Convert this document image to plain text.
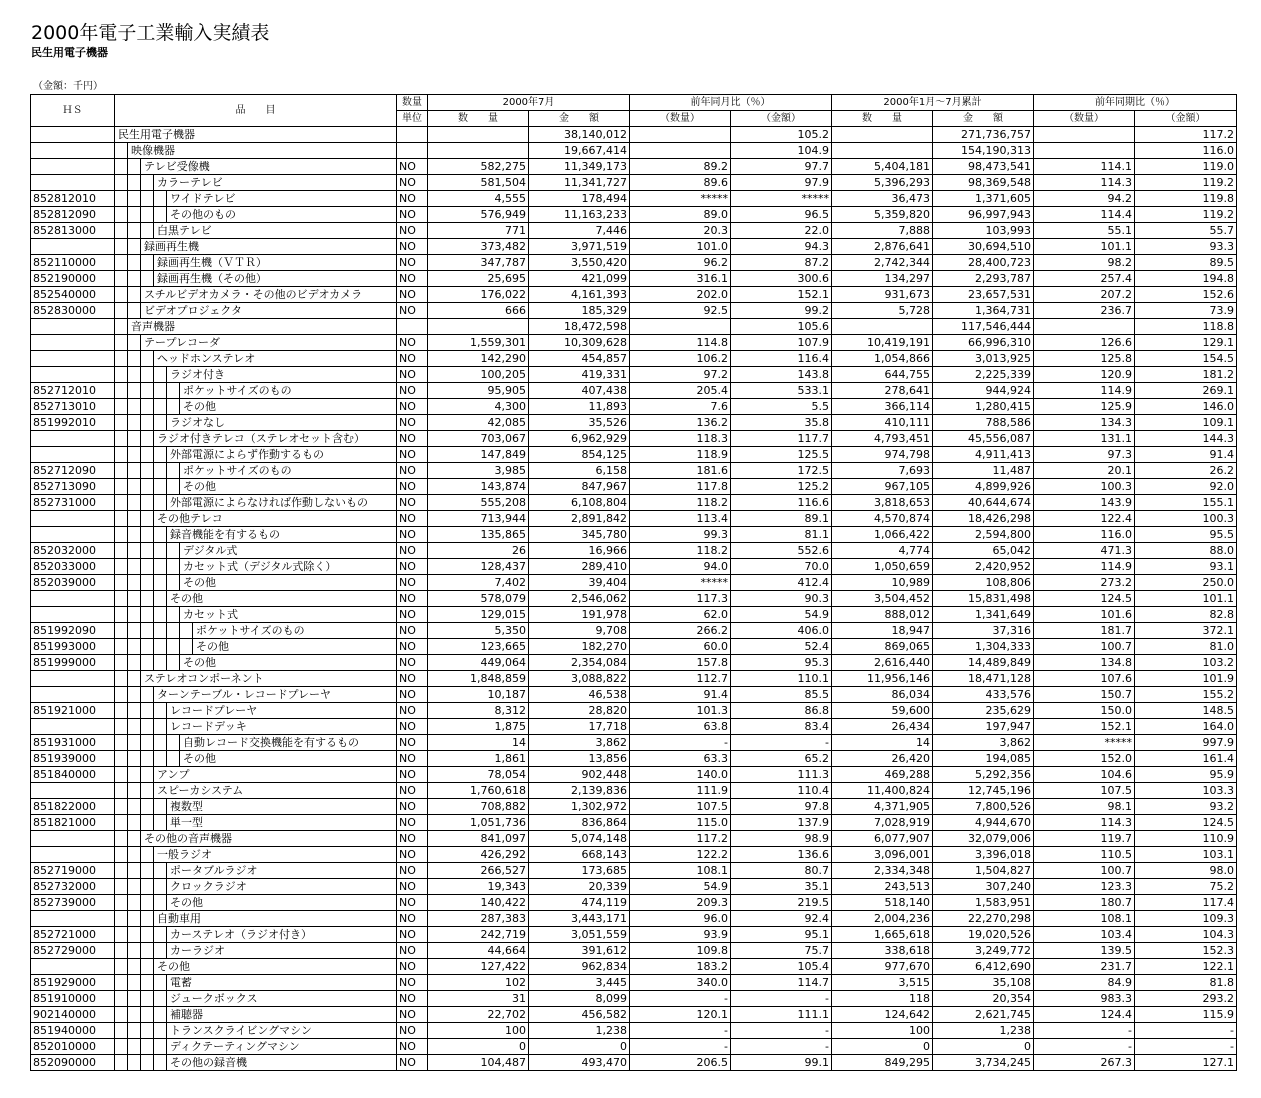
2000年電子工業輸入実績表
民生用電子機器
（金額：千円）
ＨＳ	品　　目	数量	2000年7月		前年同月比（％）		2000年1月～7月累計		前年同期比（％）	
		単位	数　　量	金　　額	（数量）	（金額）	数　　量	金　　額	（数量）	（金額）

	民生用電子機器			38,140,012		105.2		271,736,757		117.2

	映像機器			19,667,414		104.9		154,190,313		116.0

	テレビ受像機	NO	582,275	11,349,173	89.2	97.7	5,404,181	98,473,541	114.1	119.0

	カラーテレビ	NO	581,504	11,341,727	89.6	97.9	5,396,293	98,369,548	114.3	119.2
852812010	ワイドテレビ	NO	4,555	178,494	*****	*****	36,473	1,371,605	94.2	119.8
852812090	その他のもの	NO	576,949	11,163,233	89.0	96.5	5,359,820	96,997,943	114.4	119.2
852813000	白黒テレビ	NO	771	7,446	20.3	22.0	7,888	103,993	55.1	55.7

	録画再生機	NO	373,482	3,971,519	101.0	94.3	2,876,641	30,694,510	101.1	93.3
852110000	録画再生機（ＶＴＲ）	NO	347,787	3,550,420	96.2	87.2	2,742,344	28,400,723	98.2	89.5
852190000	録画再生機（その他）	NO	25,695	421,099	316.1	300.6	134,297	2,293,787	257.4	194.8
852540000	スチルビデオカメラ・その他のビデオカメラ	NO	176,022	4,161,393	202.0	152.1	931,673	23,657,531	207.2	152.6
852830000	ビデオプロジェクタ	NO	666	185,329	92.5	99.2	5,728	1,364,731	236.7	73.9

	音声機器			18,472,598		105.6		117,546,444		118.8

	テープレコーダ	NO	1,559,301	10,309,628	114.8	107.9	10,419,191	66,996,310	126.6	129.1

	ヘッドホンステレオ	NO	142,290	454,857	106.2	116.4	1,054,866	3,013,925	125.8	154.5

	ラジオ付き	NO	100,205	419,331	97.2	143.8	644,755	2,225,339	120.9	181.2
852712010	ポケットサイズのもの	NO	95,905	407,438	205.4	533.1	278,641	944,924	114.9	269.1
852713010	その他	NO	4,300	11,893	7.6	5.5	366,114	1,280,415	125.9	146.0
851992010	ラジオなし	NO	42,085	35,526	136.2	35.8	410,111	788,586	134.3	109.1

	ラジオ付きテレコ（ステレオセット含む）	NO	703,067	6,962,929	118.3	117.7	4,793,451	45,556,087	131.1	144.3

	外部電源によらず作動するもの	NO	147,849	854,125	118.9	125.5	974,798	4,911,413	97.3	91.4
852712090	ポケットサイズのもの	NO	3,985	6,158	181.6	172.5	7,693	11,487	20.1	26.2
852713090	その他	NO	143,874	847,967	117.8	125.2	967,105	4,899,926	100.3	92.0
852731000	外部電源によらなければ作動しないもの	NO	555,208	6,108,804	118.2	116.6	3,818,653	40,644,674	143.9	155.1

	その他テレコ	NO	713,944	2,891,842	113.4	89.1	4,570,874	18,426,298	122.4	100.3

	録音機能を有するもの	NO	135,865	345,780	99.3	81.1	1,066,422	2,594,800	116.0	95.5
852032000	デジタル式	NO	26	16,966	118.2	552.6	4,774	65,042	471.3	88.0
852033000	カセット式（デジタル式除く）	NO	128,437	289,410	94.0	70.0	1,050,659	2,420,952	114.9	93.1
852039000	その他	NO	7,402	39,404	*****	412.4	10,989	108,806	273.2	250.0

	その他	NO	578,079	2,546,062	117.3	90.3	3,504,452	15,831,498	124.5	101.1

	カセット式	NO	129,015	191,978	62.0	54.9	888,012	1,341,649	101.6	82.8
851992090	ポケットサイズのもの	NO	5,350	9,708	266.2	406.0	18,947	37,316	181.7	372.1
851993000	その他	NO	123,665	182,270	60.0	52.4	869,065	1,304,333	100.7	81.0
851999000	その他	NO	449,064	2,354,084	157.8	95.3	2,616,440	14,489,849	134.8	103.2

	ステレオコンポーネント	NO	1,848,859	3,088,822	112.7	110.1	11,956,146	18,471,128	107.6	101.9

	ターンテーブル・レコードプレーヤ	NO	10,187	46,538	91.4	85.5	86,034	433,576	150.7	155.2
851921000	レコードプレーヤ	NO	8,312	28,820	101.3	86.8	59,600	235,629	150.0	148.5

	レコードデッキ	NO	1,875	17,718	63.8	83.4	26,434	197,947	152.1	164.0
851931000	自動レコード交換機能を有するもの	NO	14	3,862	-	-	14	3,862	*****	997.9
851939000	その他	NO	1,861	13,856	63.3	65.2	26,420	194,085	152.0	161.4
851840000	アンプ	NO	78,054	902,448	140.0	111.3	469,288	5,292,356	104.6	95.9

	スピーカシステム	NO	1,760,618	2,139,836	111.9	110.4	11,400,824	12,745,196	107.5	103.3
851822000	複数型	NO	708,882	1,302,972	107.5	97.8	4,371,905	7,800,526	98.1	93.2
851821000	単一型	NO	1,051,736	836,864	115.0	137.9	7,028,919	4,944,670	114.3	124.5

	その他の音声機器	NO	841,097	5,074,148	117.2	98.9	6,077,907	32,079,006	119.7	110.9

	一般ラジオ	NO	426,292	668,143	122.2	136.6	3,096,001	3,396,018	110.5	103.1
852719000	ポータブルラジオ	NO	266,527	173,685	108.1	80.7	2,334,348	1,504,827	100.7	98.0
852732000	クロックラジオ	NO	19,343	20,339	54.9	35.1	243,513	307,240	123.3	75.2
852739000	その他	NO	140,422	474,119	209.3	219.5	518,140	1,583,951	180.7	117.4

	自動車用	NO	287,383	3,443,171	96.0	92.4	2,004,236	22,270,298	108.1	109.3
852721000	カーステレオ（ラジオ付き）	NO	242,719	3,051,559	93.9	95.1	1,665,618	19,020,526	103.4	104.3
852729000	カーラジオ	NO	44,664	391,612	109.8	75.7	338,618	3,249,772	139.5	152.3

	その他	NO	127,422	962,834	183.2	105.4	977,670	6,412,690	231.7	122.1
851929000	電蓄	NO	102	3,445	340.0	114.7	3,515	35,108	84.9	81.8
851910000	ジュークボックス	NO	31	8,099	-	-	118	20,354	983.3	293.2
902140000	補聴器	NO	22,702	456,582	120.1	111.1	124,642	2,621,745	124.4	115.9
851940000	トランスクライビングマシン	NO	100	1,238	-	-	100	1,238	-	-
852010000	ディクテーティングマシン	NO	0	0	-	-	0	0	-	-
852090000	その他の録音機	NO	104,487	493,470	206.5	99.1	849,295	3,734,245	267.3	127.1
